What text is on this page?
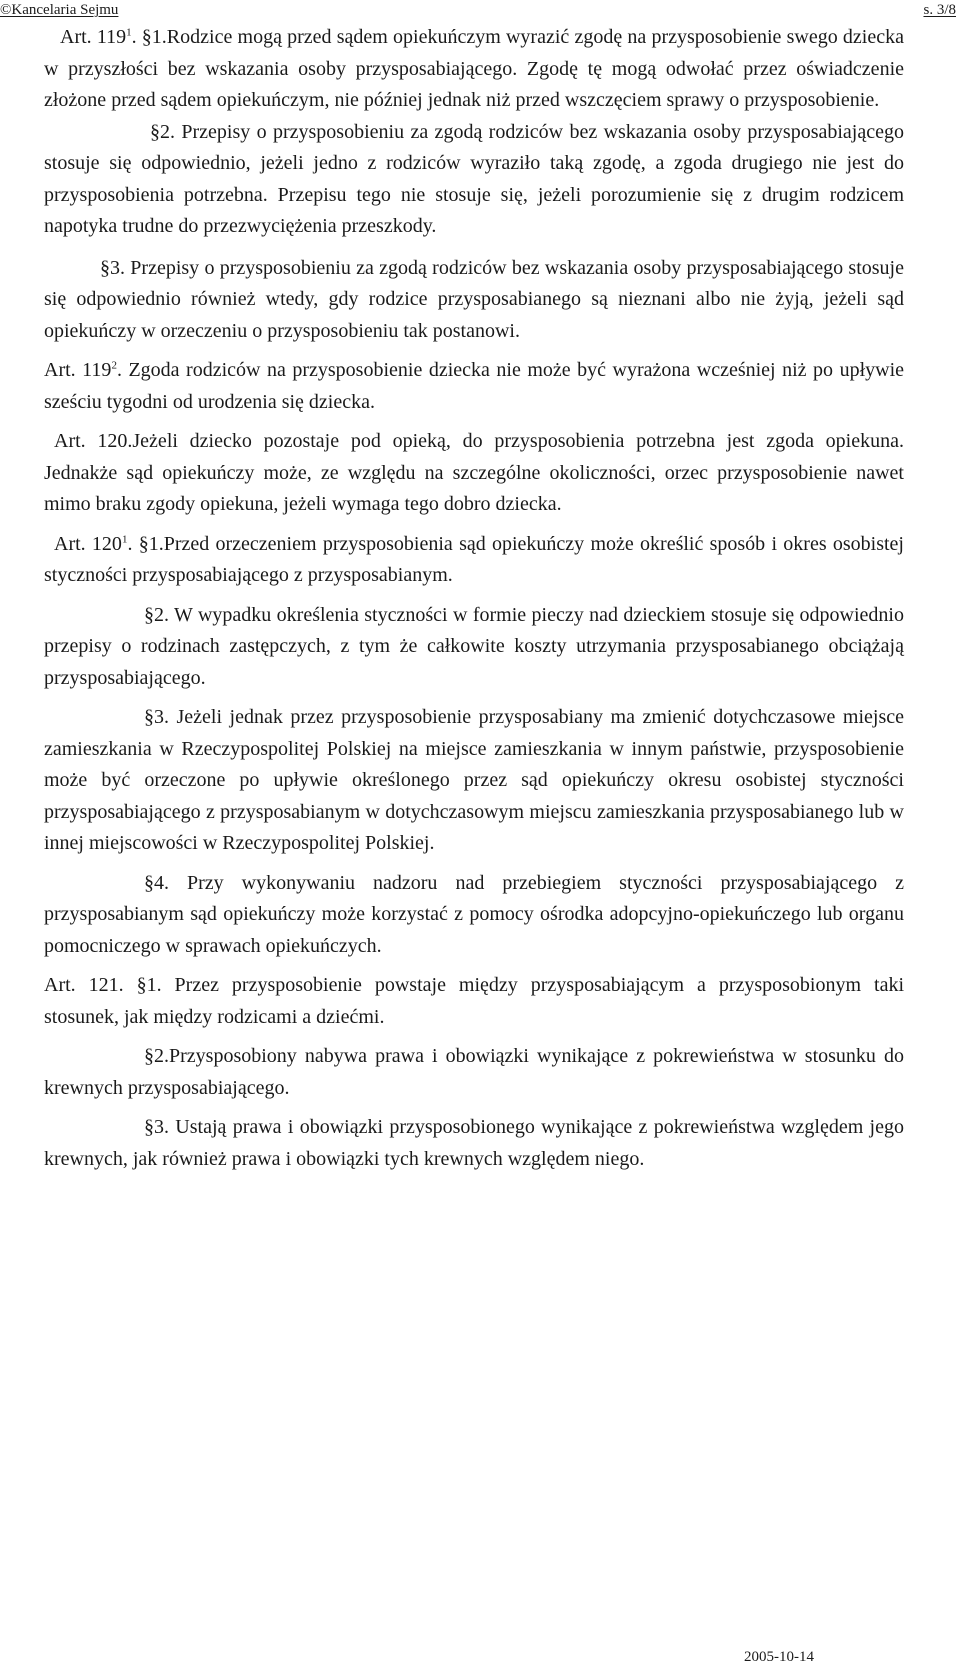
©Kancelaria Sejmu	s. 3/8

Art. $119^1$. §1.Rodzice mogą przed sądem opiekuńczym wyrazić zgodę na przysposobienie swego dziecka w przyszłości bez wskazania osoby przysposabiającego. Zgodę tę mogą odwołać przez oświadczenie złożone przed sądem opiekuńczym, nie później jednak niż przed wszczęciem sprawy o przysposobienie.

§2. Przepisy o przysposobieniu za zgodą rodziców bez wskazania osoby przysposabiającego stosuje się odpowiednio, jeżeli jedno z rodziców wyraziło taką zgodę, a zgoda drugiego nie jest do przysposobienia potrzebna. Przepisu tego nie stosuje się, jeżeli porozumienie się z drugim rodzicem napotyka trudne do przezwyciężenia przeszkody.

§3. Przepisy o przysposobieniu za zgodą rodziców bez wskazania osoby przysposabiającego stosuje się odpowiednio również wtedy, gdy rodzice przysposabianego są nieznani albo nie żyją, jeżeli sąd opiekuńczy w orzeczeniu o przysposobieniu tak postanowi.

Art. $119^2$. Zgoda rodziców na przysposobienie dziecka nie może być wyrażona wcześniej niż po upływie sześciu tygodni od urodzenia się dziecka.

Art. 120.Jeżeli dziecko pozostaje pod opieką, do przysposobienia potrzebna jest zgoda opiekuna. Jednakże sąd opiekuńczy może, ze względu na szczególne okoliczności, orzec przysposobienie nawet mimo braku zgody opiekuna, jeżeli wymaga tego dobro dziecka.

Art. $120^1$. §1.Przed orzeczeniem przysposobienia sąd opiekuńczy może określić sposób i okres osobistej styczności przysposabiającego z przysposabianym.

§2. W wypadku określenia styczności w formie pieczy nad dzieckiem stosuje się odpowiednio przepisy o rodzinach zastępczych, z tym że całkowite koszty utrzymania przysposabianego obciążają przysposabiającego.

§3. Jeżeli jednak przez przysposobienie przysposabiany ma zmienić dotychczasowe miejsce zamieszkania w Rzeczypospolitej Polskiej na miejsce zamieszkania w innym państwie, przysposobienie może być orzeczone po upływie określonego przez sąd opiekuńczy okresu osobistej styczności przysposabiającego z przysposabianym w dotychczasowym miejscu zamieszkania przysposabianego lub w innej miejscowości w Rzeczypospolitej Polskiej.

§4. Przy wykonywaniu nadzoru nad przebiegiem styczności przysposabiającego z przysposabianym sąd opiekuńczy może korzystać z pomocy ośrodka adopcyjno-opiekuńczego lub organu pomocniczego w sprawach opiekuńczych.

Art. 121. §1. Przez przysposobienie powstaje między przysposabiającym a przysposobionym taki stosunek, jak między rodzicami a dziećmi.

§2.Przysposobiony nabywa prawa i obowiązki wynikające z pokrewieństwa w stosunku do krewnych przysposabiającego.

§3. Ustają prawa i obowiązki przysposobionego wynikające z pokrewieństwa względem jego krewnych, jak również prawa i obowiązki tych krewnych względem niego.

2005-10-14
